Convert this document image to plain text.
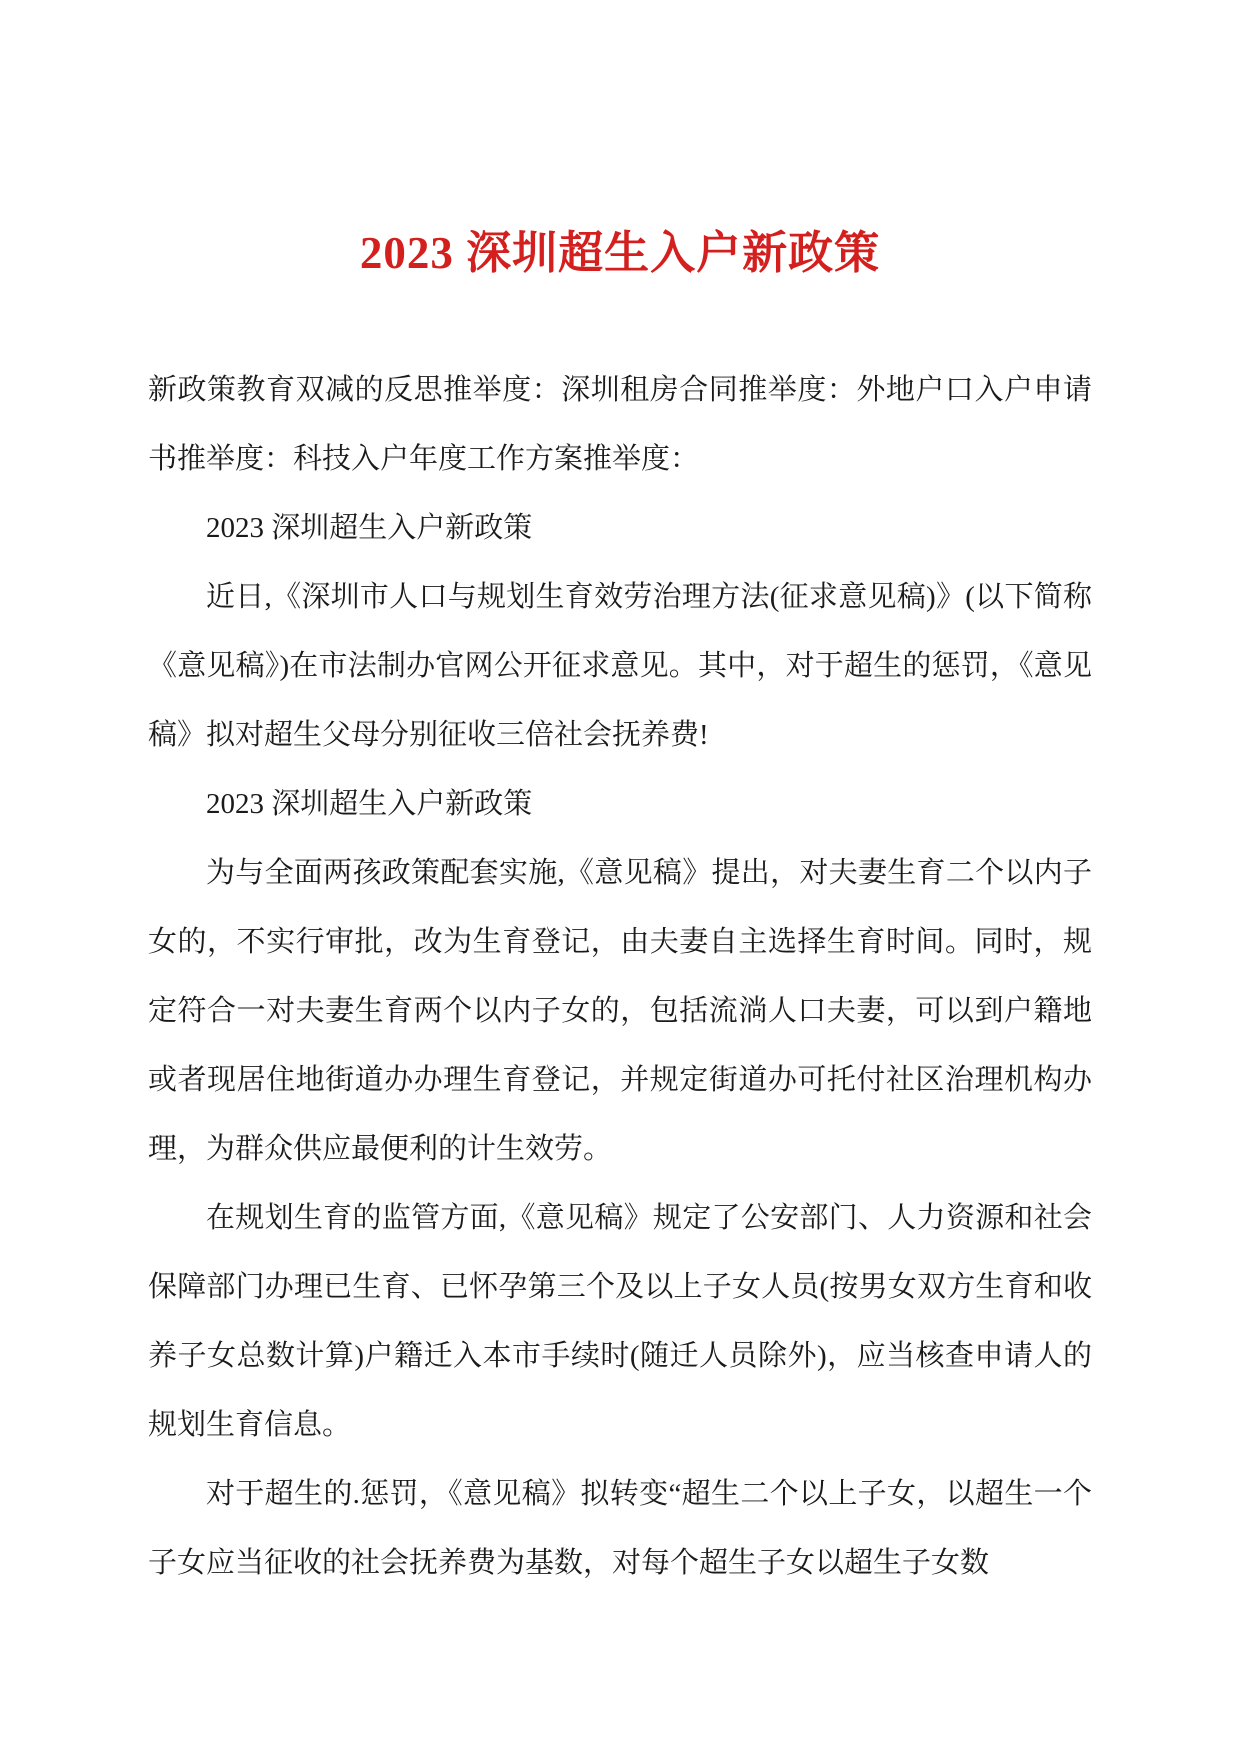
2023 深圳超生入户新政策

新政策教育双减的反思推举度：深圳租房合同推举度：外地户口入户申请书推举度：科技入户年度工作方案推举度：

2023 深圳超生入户新政策

近日,《深圳市人口与规划生育效劳治理方法(征求意见稿)》(以下简称《意见稿》)在市法制办官网公开征求意见。其中，对于超生的惩罚，《意见稿》拟对超生父母分别征收三倍社会抚养费!

2023 深圳超生入户新政策

为与全面两孩政策配套实施,《意见稿》提出，对夫妻生育二个以内子女的，不实行审批，改为生育登记，由夫妻自主选择生育时间。同时，规定符合一对夫妻生育两个以内子女的，包括流淌人口夫妻，可以到户籍地或者现居住地街道办办理生育登记，并规定街道办可托付社区治理机构办理，为群众供应最便利的计生效劳。

在规划生育的监管方面,《意见稿》规定了公安部门、人力资源和社会保障部门办理已生育、已怀孕第三个及以上子女人员(按男女双方生育和收养子女总数计算)户籍迁入本市手续时(随迁人员除外)，应当核查申请人的规划生育信息。

对于超生的.惩罚，《意见稿》拟转变“超生二个以上子女，以超生一个子女应当征收的社会抚养费为基数，对每个超生子女以超生子女数
